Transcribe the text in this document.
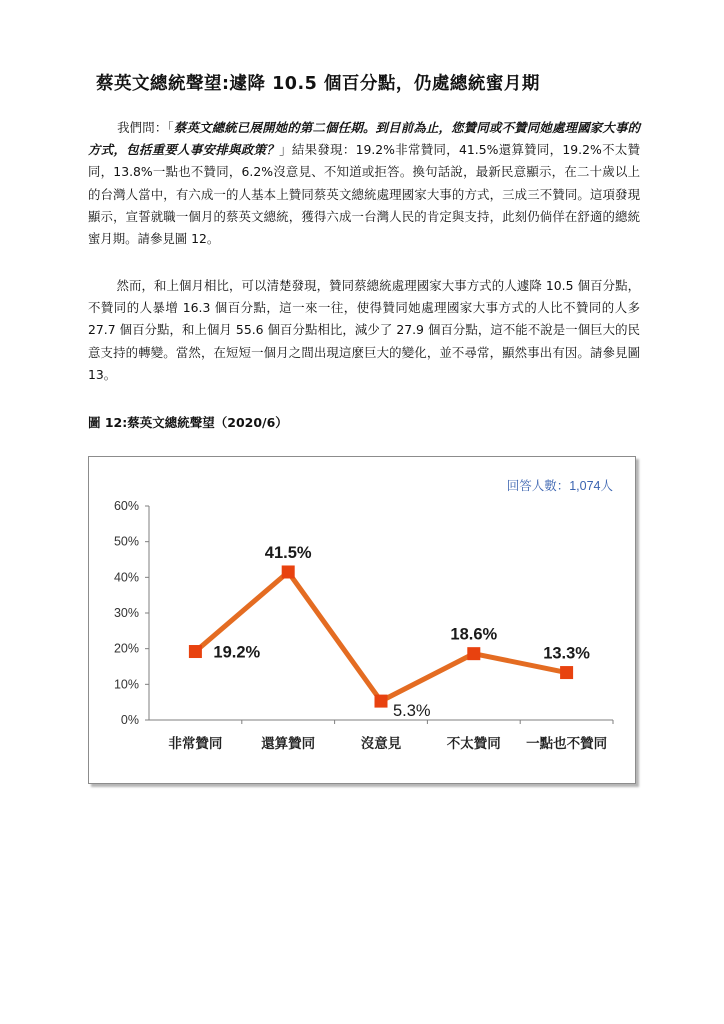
蔡英文總統聲望:遽降 10.5 個百分點，仍處總統蜜月期

我們問：「蔡英文總統已展開她的第二個任期。到目前為止，您贊同或不贊同她處理國家大事的方式，包括重要人事安排與政策？」結果發現：19.2%非常贊同，41.5%還算贊同，19.2%不太贊同，13.8%一點也不贊同，6.2%沒意見、不知道或拒答。換句話說，最新民意顯示，在二十歲以上的台灣人當中，有六成一的人基本上贊同蔡英文總統處理國家大事的方式，三成三不贊同。這項發現顯示，宣誓就職一個月的蔡英文總統，獲得六成一台灣人民的肯定與支持，此刻仍倘佯在舒適的總統蜜月期。請參見圖 12。

然而，和上個月相比，可以清楚發現，贊同蔡總統處理國家大事方式的人遽降 10.5 個百分點，不贊同的人暴增 16.3 個百分點，這一來一往，使得贊同她處理國家大事方式的人比不贊同的人多 27.7 個百分點，和上個月 55.6 個百分點相比，減少了 27.9 個百分點，這不能不說是一個巨大的民意支持的轉變。當然，在短短一個月之間出現這麼巨大的變化，並不尋常，顯然事出有因。請參見圖 13。

圖 12:蔡英文總統聲望（2020/6）
回答人數：1,074人
0%
10%
20%
30%
40%
50%
60%
非常贊同	還算贊同	沒意見	不太贊同 一點也不贊同
19.2%
41.5%
5.3%
18.6%
13.3%
